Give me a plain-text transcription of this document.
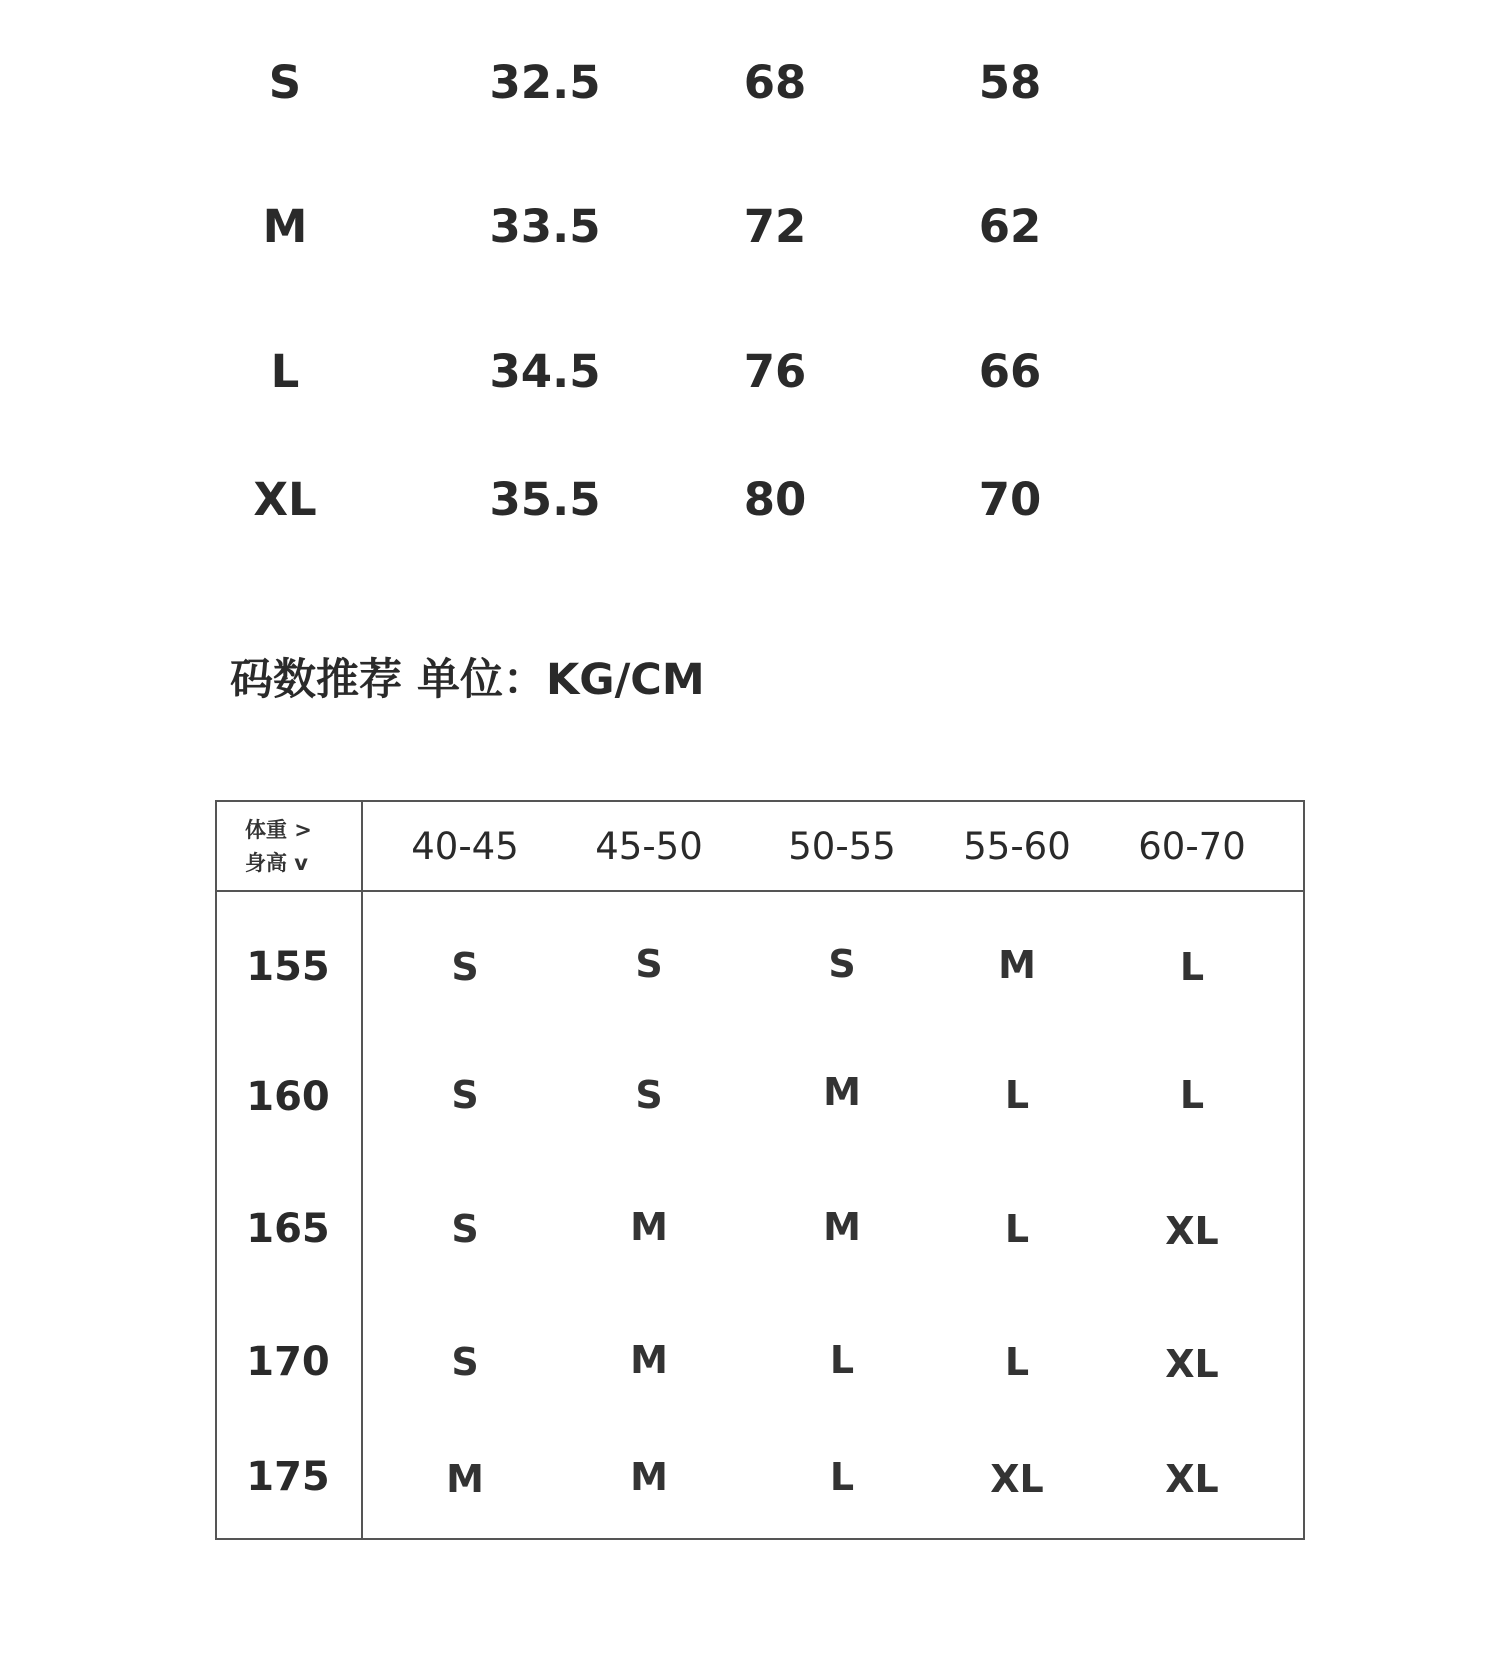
S	32.5	68	58
M	33.5	72	62
L	34.5	76	66
XL	35.5	80	70
码数推荐 单位：KG/CM
体重 >
身高 v	40-45	45-50	50-55	55-60	60-70
155	S	S	S	M	L
160	S	S	M	L	L
165	S	M	M	L	XL
170	S	M	L	L	XL
175	M	M	L	XL	XL
